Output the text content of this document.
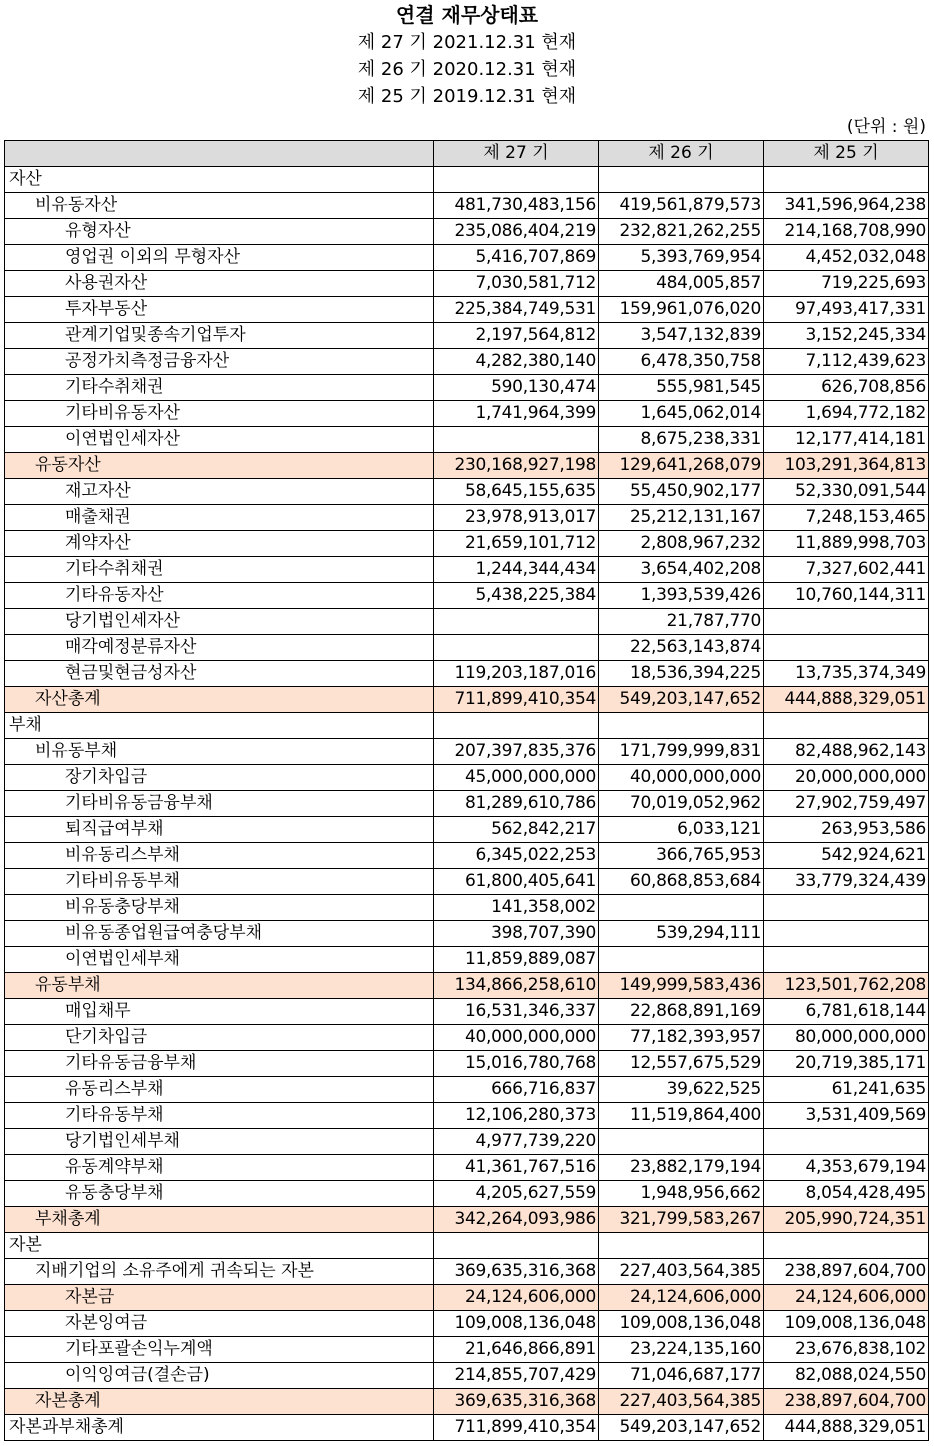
연결 재무상태표
제 27 기 2021.12.31 현재
제 26 기 2020.12.31 현재
제 25 기 2019.12.31 현재
(단위 : 원)
	제 27 기	제 26 기	제 25 기
자산			
비유동자산	481,730,483,156	419,561,879,573	341,596,964,238
유형자산	235,086,404,219	232,821,262,255	214,168,708,990
영업권 이외의 무형자산	5,416,707,869	5,393,769,954	4,452,032,048
사용권자산	7,030,581,712	484,005,857	719,225,693
투자부동산	225,384,749,531	159,961,076,020	97,493,417,331
관계기업및종속기업투자	2,197,564,812	3,547,132,839	3,152,245,334
공정가치측정금융자산	4,282,380,140	6,478,350,758	7,112,439,623
기타수취채권	590,130,474	555,981,545	626,708,856
기타비유동자산	1,741,964,399	1,645,062,014	1,694,772,182
이연법인세자산		8,675,238,331	12,177,414,181
유동자산	230,168,927,198	129,641,268,079	103,291,364,813
재고자산	58,645,155,635	55,450,902,177	52,330,091,544
매출채권	23,978,913,017	25,212,131,167	7,248,153,465
계약자산	21,659,101,712	2,808,967,232	11,889,998,703
기타수취채권	1,244,344,434	3,654,402,208	7,327,602,441
기타유동자산	5,438,225,384	1,393,539,426	10,760,144,311
당기법인세자산		21,787,770	
매각예정분류자산		22,563,143,874	
현금및현금성자산	119,203,187,016	18,536,394,225	13,735,374,349
자산총계	711,899,410,354	549,203,147,652	444,888,329,051
부채			
비유동부채	207,397,835,376	171,799,999,831	82,488,962,143
장기차입금	45,000,000,000	40,000,000,000	20,000,000,000
기타비유동금융부채	81,289,610,786	70,019,052,962	27,902,759,497
퇴직급여부채	562,842,217	6,033,121	263,953,586
비유동리스부채	6,345,022,253	366,765,953	542,924,621
기타비유동부채	61,800,405,641	60,868,853,684	33,779,324,439
비유동충당부채	141,358,002		
비유동종업원급여충당부채	398,707,390	539,294,111	
이연법인세부채	11,859,889,087		
유동부채	134,866,258,610	149,999,583,436	123,501,762,208
매입채무	16,531,346,337	22,868,891,169	6,781,618,144
단기차입금	40,000,000,000	77,182,393,957	80,000,000,000
기타유동금융부채	15,016,780,768	12,557,675,529	20,719,385,171
유동리스부채	666,716,837	39,622,525	61,241,635
기타유동부채	12,106,280,373	11,519,864,400	3,531,409,569
당기법인세부채	4,977,739,220		
유동계약부채	41,361,767,516	23,882,179,194	4,353,679,194
유동충당부채	4,205,627,559	1,948,956,662	8,054,428,495
부채총계	342,264,093,986	321,799,583,267	205,990,724,351
자본			
지배기업의 소유주에게 귀속되는 자본	369,635,316,368	227,403,564,385	238,897,604,700
자본금	24,124,606,000	24,124,606,000	24,124,606,000
자본잉여금	109,008,136,048	109,008,136,048	109,008,136,048
기타포괄손익누계액	21,646,866,891	23,224,135,160	23,676,838,102
이익잉여금(결손금)	214,855,707,429	71,046,687,177	82,088,024,550
자본총계	369,635,316,368	227,403,564,385	238,897,604,700
자본과부채총계	711,899,410,354	549,203,147,652	444,888,329,051
